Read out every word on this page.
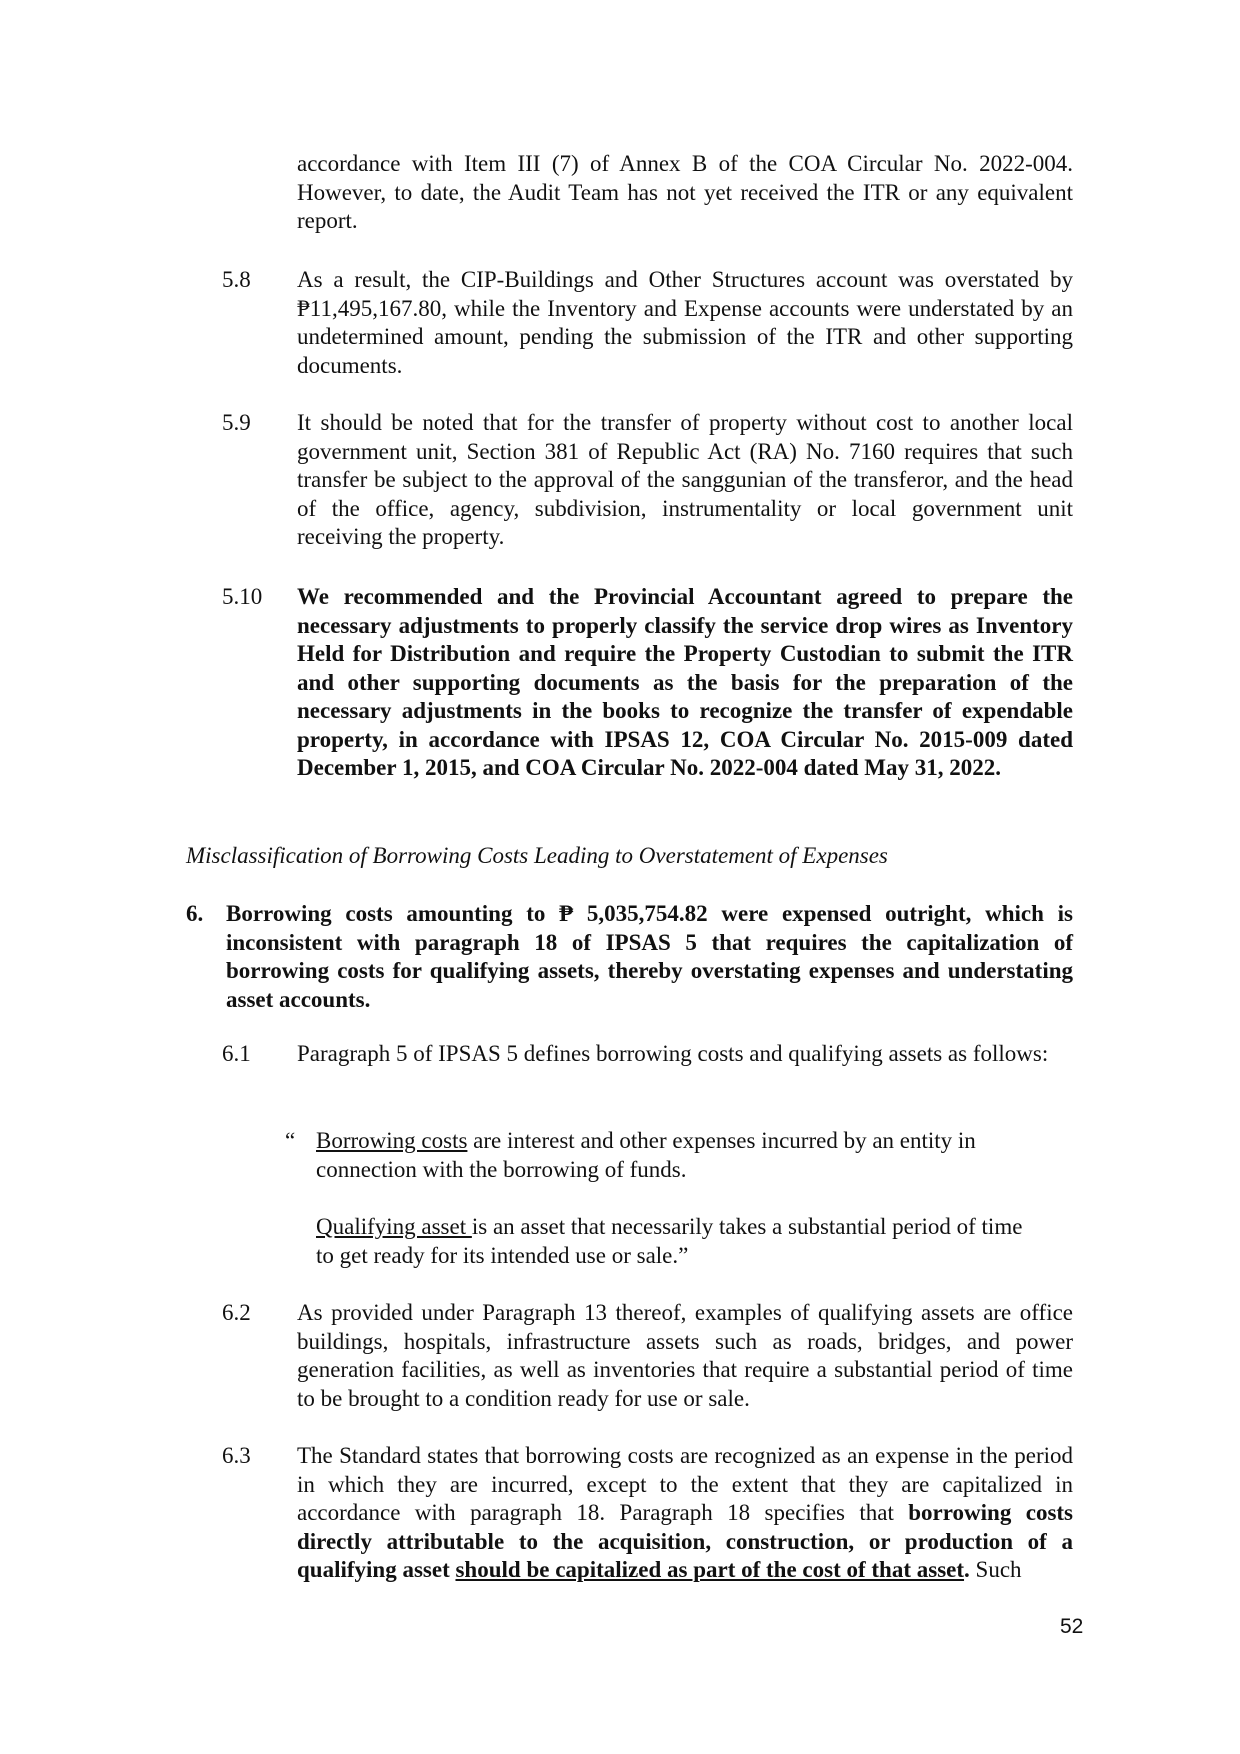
accordance with Item III (7) of Annex B of the COA Circular No. 2022-004. However, to date, the Audit Team has not yet received the ITR or any equivalent report.

5.8 As a result, the CIP-Buildings and Other Structures account was overstated by ₱11,495,167.80, while the Inventory and Expense accounts were understated by an undetermined amount, pending the submission of the ITR and other supporting documents.

5.9 It should be noted that for the transfer of property without cost to another local government unit, Section 381 of Republic Act (RA) No. 7160 requires that such transfer be subject to the approval of the sanggunian of the transferor, and the head of the office, agency, subdivision, instrumentality or local government unit receiving the property.

5.10 We recommended and the Provincial Accountant agreed to prepare the necessary adjustments to properly classify the service drop wires as Inventory Held for Distribution and require the Property Custodian to submit the ITR and other supporting documents as the basis for the preparation of the necessary adjustments in the books to recognize the transfer of expendable property, in accordance with IPSAS 12, COA Circular No. 2015-009 dated December 1, 2015, and COA Circular No. 2022-004 dated May 31, 2022.

Misclassification of Borrowing Costs Leading to Overstatement of Expenses

6. Borrowing costs amounting to ₱ 5,035,754.82 were expensed outright, which is inconsistent with paragraph 18 of IPSAS 5 that requires the capitalization of borrowing costs for qualifying assets, thereby overstating expenses and understating asset accounts.

6.1 Paragraph 5 of IPSAS 5 defines borrowing costs and qualifying assets as follows:

“ Borrowing costs are interest and other expenses incurred by an entity in connection with the borrowing of funds.

Qualifying asset is an asset that necessarily takes a substantial period of time to get ready for its intended use or sale.”

6.2 As provided under Paragraph 13 thereof, examples of qualifying assets are office buildings, hospitals, infrastructure assets such as roads, bridges, and power generation facilities, as well as inventories that require a substantial period of time to be brought to a condition ready for use or sale.

6.3 The Standard states that borrowing costs are recognized as an expense in the period in which they are incurred, except to the extent that they are capitalized in accordance with paragraph 18. Paragraph 18 specifies that borrowing costs directly attributable to the acquisition, construction, or production of a qualifying asset should be capitalized as part of the cost of that asset. Such

52
